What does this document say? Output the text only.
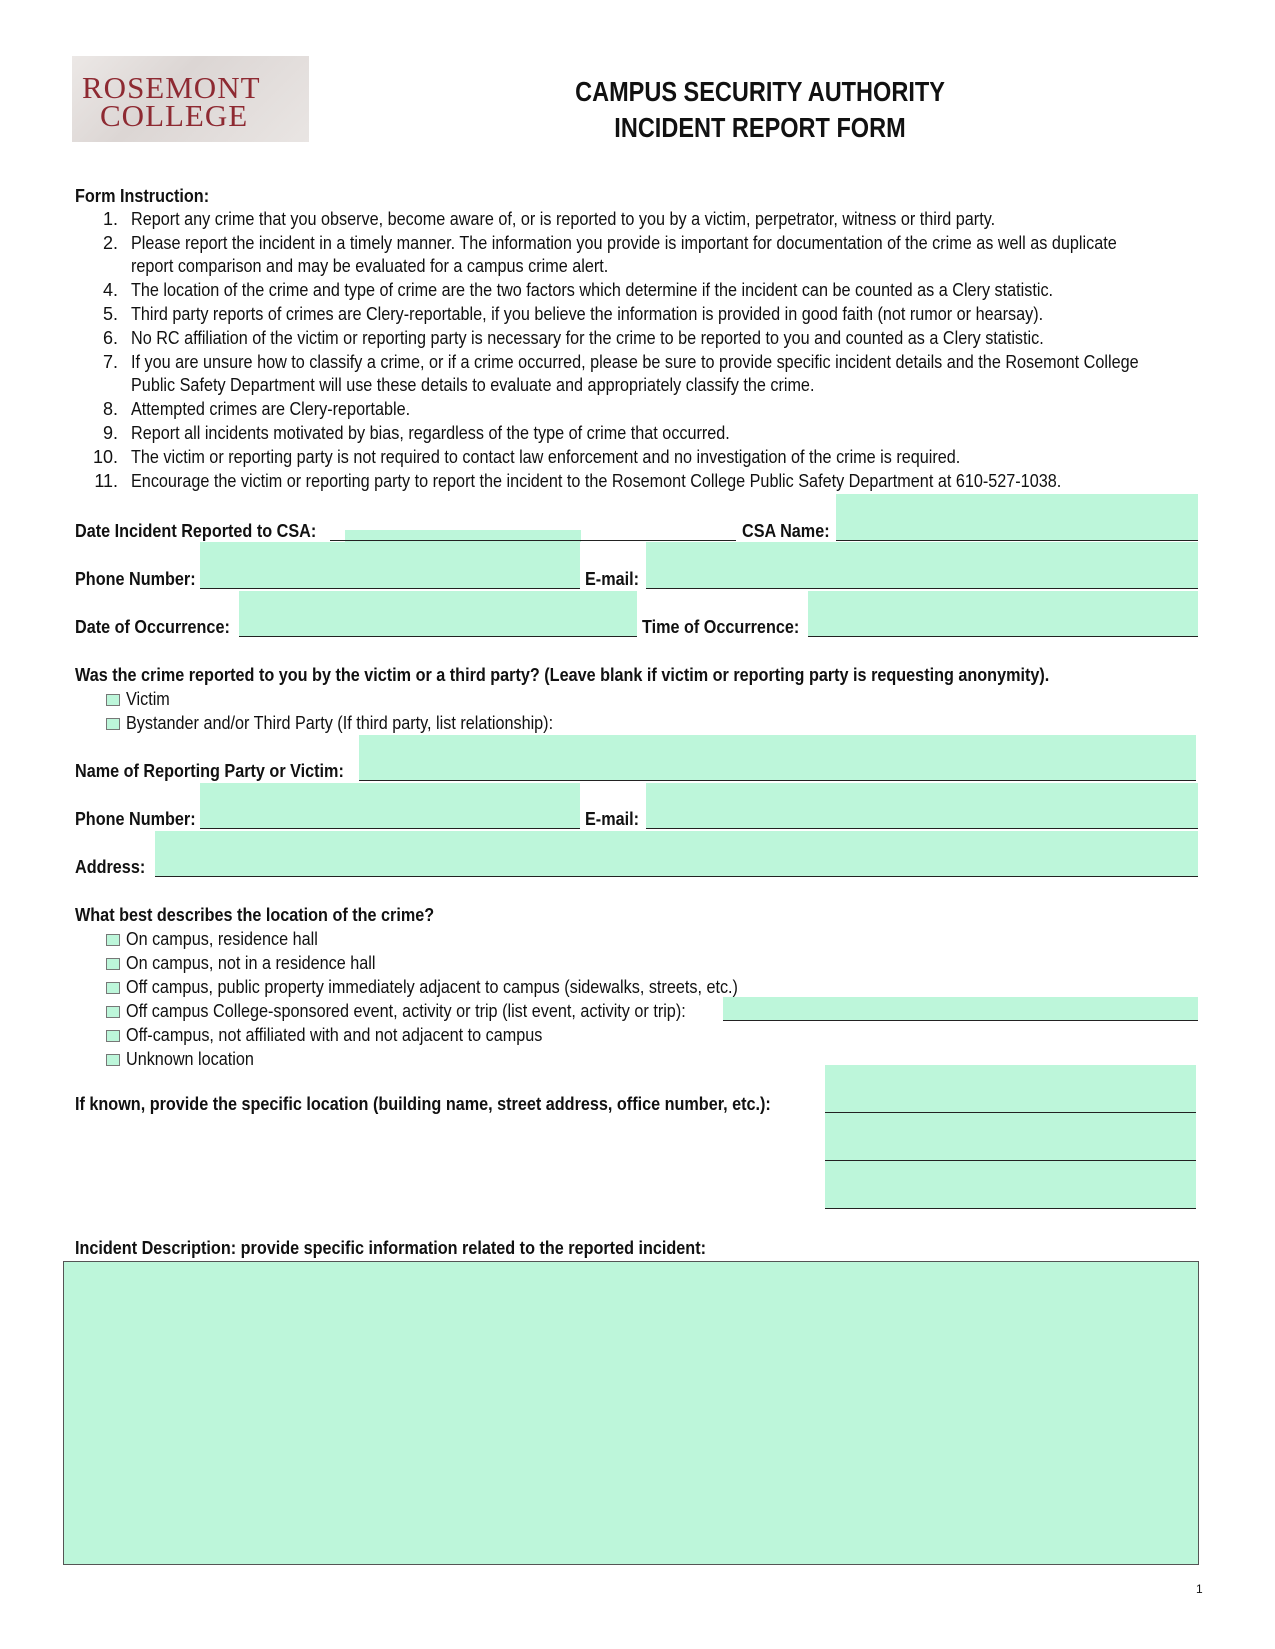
ROSEMONT
COLLEGE
CAMPUS SECURITY AUTHORITY
INCIDENT REPORT FORM
Form Instruction:
1. Report any crime that you observe, become aware of, or is reported to you by a victim, perpetrator, witness or third party.
2. Please report the incident in a timely manner. The information you provide is important for documentation of the crime as well as duplicate
report comparison and may be evaluated for a campus crime alert.
4. The location of the crime and type of crime are the two factors which determine if the incident can be counted as a Clery statistic.
5. Third party reports of crimes are Clery-reportable, if you believe the information is provided in good faith (not rumor or hearsay).
6. No RC affiliation of the victim or reporting party is necessary for the crime to be reported to you and counted as a Clery statistic.
7. If you are unsure how to classify a crime, or if a crime occurred, please be sure to provide specific incident details and the Rosemont College
Public Safety Department will use these details to evaluate and appropriately classify the crime.
8. Attempted crimes are Clery-reportable.
9. Report all incidents motivated by bias, regardless of the type of crime that occurred.
10. The victim or reporting party is not required to contact law enforcement and no investigation of the crime is required.
11. Encourage the victim or reporting party to report the incident to the Rosemont College Public Safety Department at 610-527-1038.
Date Incident Reported to CSA:	CSA Name:
Phone Number:	E-mail:
Date of Occurrence:	Time of Occurrence:
Was the crime reported to you by the victim or a third party? (Leave blank if victim or reporting party is requesting anonymity).
Victim
Bystander and/or Third Party (If third party, list relationship):
Name of Reporting Party or Victim:
Phone Number:	E-mail:
Address:
What best describes the location of the crime?
On campus, residence hall
On campus, not in a residence hall
Off campus, public property immediately adjacent to campus (sidewalks, streets, etc.)
Off campus College-sponsored event, activity or trip (list event, activity or trip):
Off-campus, not affiliated with and not adjacent to campus
Unknown location
If known, provide the specific location (building name, street address, office number, etc.):
Incident Description: provide specific information related to the reported incident:
1
